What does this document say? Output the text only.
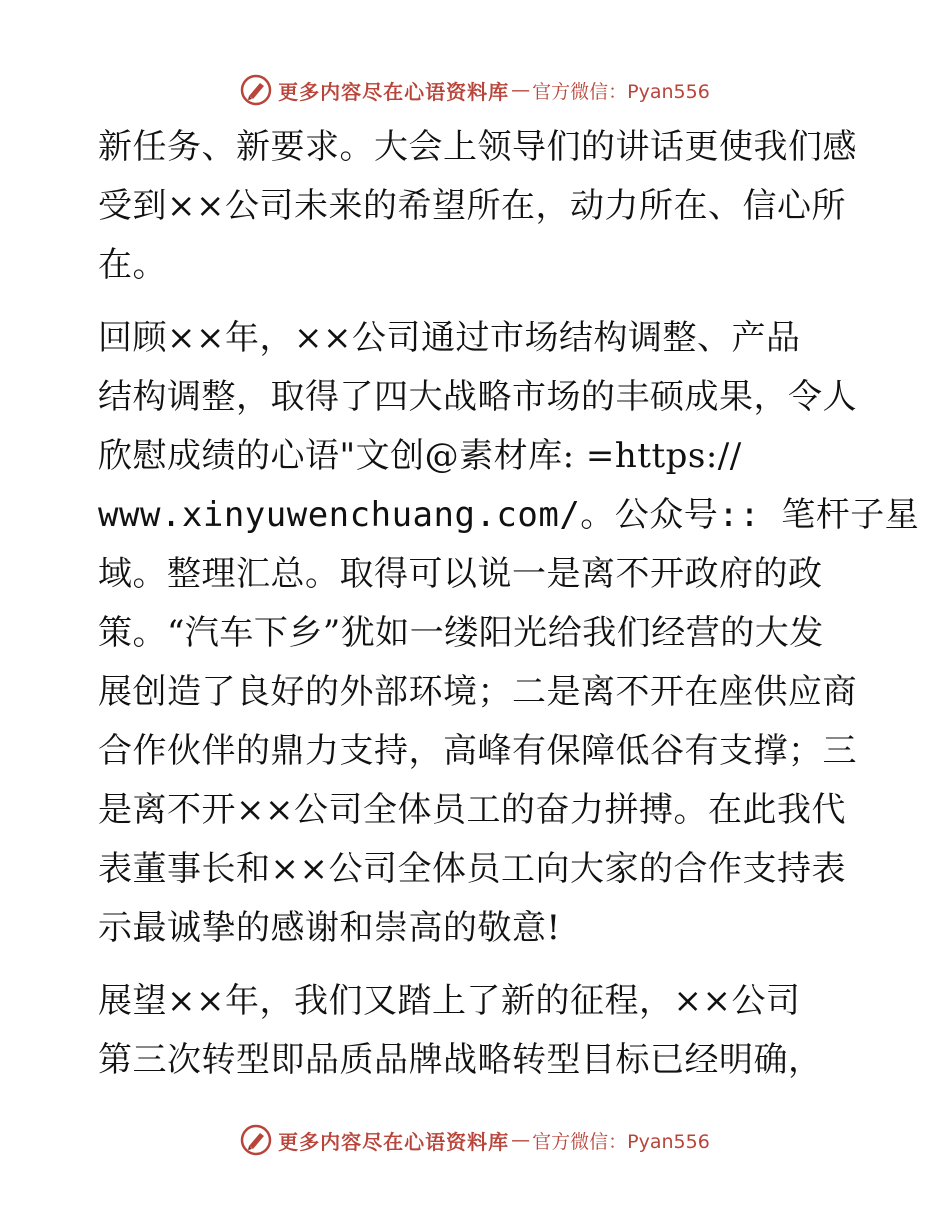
更多内容尽在心语资料库 — 官方微信：Pyan556
新任务、新要求。大会上领导们的讲话更使我们感
受到××公司未来的希望所在，动力所在、信心所
在。
回顾××年，××公司通过市场结构调整、产品
结构调整，取得了四大战略市场的丰硕成果，令人
欣慰成绩的心语"文创@素材库: =https://
www.xinyuwenchuang.com/。公众号:: 笔杆子星
域。整理汇总。取得可以说一是离不开政府的政
策。“汽车下乡”犹如一缕阳光给我们经营的大发
展创造了良好的外部环境；二是离不开在座供应商
合作伙伴的鼎力支持，高峰有保障低谷有支撑；三
是离不开××公司全体员工的奋力拼搏。在此我代
表董事长和××公司全体员工向大家的合作支持表
示最诚挚的感谢和崇高的敬意!
展望××年，我们又踏上了新的征程，××公司
第三次转型即品质品牌战略转型目标已经明确，
更多内容尽在心语资料库 — 官方微信：Pyan556
